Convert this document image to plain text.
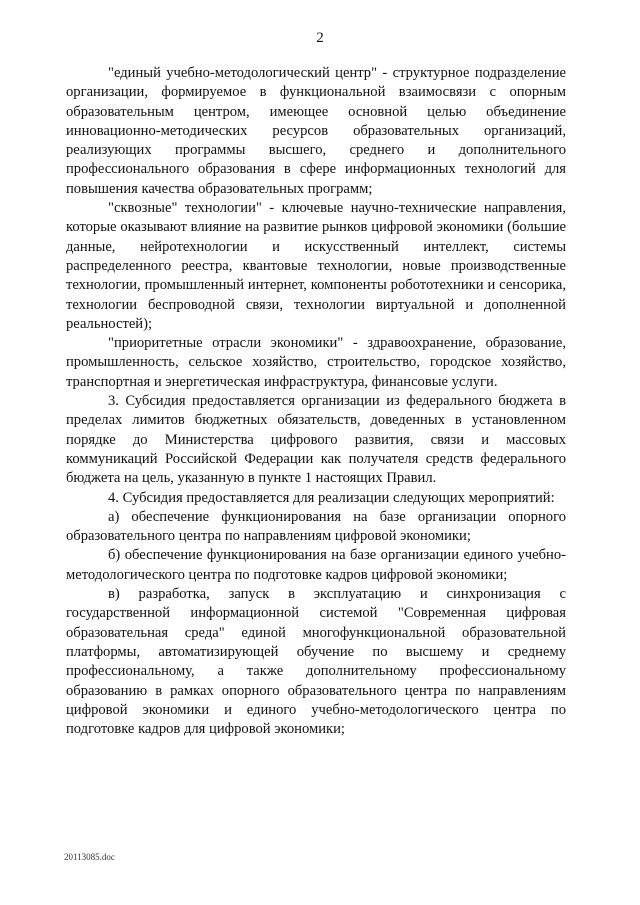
2

"единый учебно-методологический центр" - структурное подразделение организации, формируемое в функциональной взаимосвязи с опорным образовательным центром, имеющее основной целью объединение инновационно-методических ресурсов образовательных организаций, реализующих программы высшего, среднего и дополнительного профессионального образования в сфере информационных технологий для повышения качества образовательных программ;

"сквозные" технологии" - ключевые научно-технические направления, которые оказывают влияние на развитие рынков цифровой экономики (большие данные, нейротехнологии и искусственный интеллект, системы распределенного реестра, квантовые технологии, новые производственные технологии, промышленный интернет, компоненты робототехники и сенсорика, технологии беспроводной связи, технологии виртуальной и дополненной реальностей);

"приоритетные отрасли экономики" - здравоохранение, образование, промышленность, сельское хозяйство, строительство, городское хозяйство, транспортная и энергетическая инфраструктура, финансовые услуги.

3. Субсидия предоставляется организации из федерального бюджета в пределах лимитов бюджетных обязательств, доведенных в установленном порядке до Министерства цифрового развития, связи и массовых коммуникаций Российской Федерации как получателя средств федерального бюджета на цель, указанную в пункте 1 настоящих Правил.

4. Субсидия предоставляется для реализации следующих мероприятий:

а) обеспечение функционирования на базе организации опорного образовательного центра по направлениям цифровой экономики;

б) обеспечение функционирования на базе организации единого учебно-методологического центра по подготовке кадров цифровой экономики;

в) разработка, запуск в эксплуатацию и синхронизация с государственной информационной системой "Современная цифровая образовательная среда" единой многофункциональной образовательной платформы, автоматизирующей обучение по высшему и среднему профессиональному, а также дополнительному профессиональному образованию в рамках опорного образовательного центра по направлениям цифровой экономики и единого учебно-методологического центра по подготовке кадров для цифровой экономики;

20113085.doc
